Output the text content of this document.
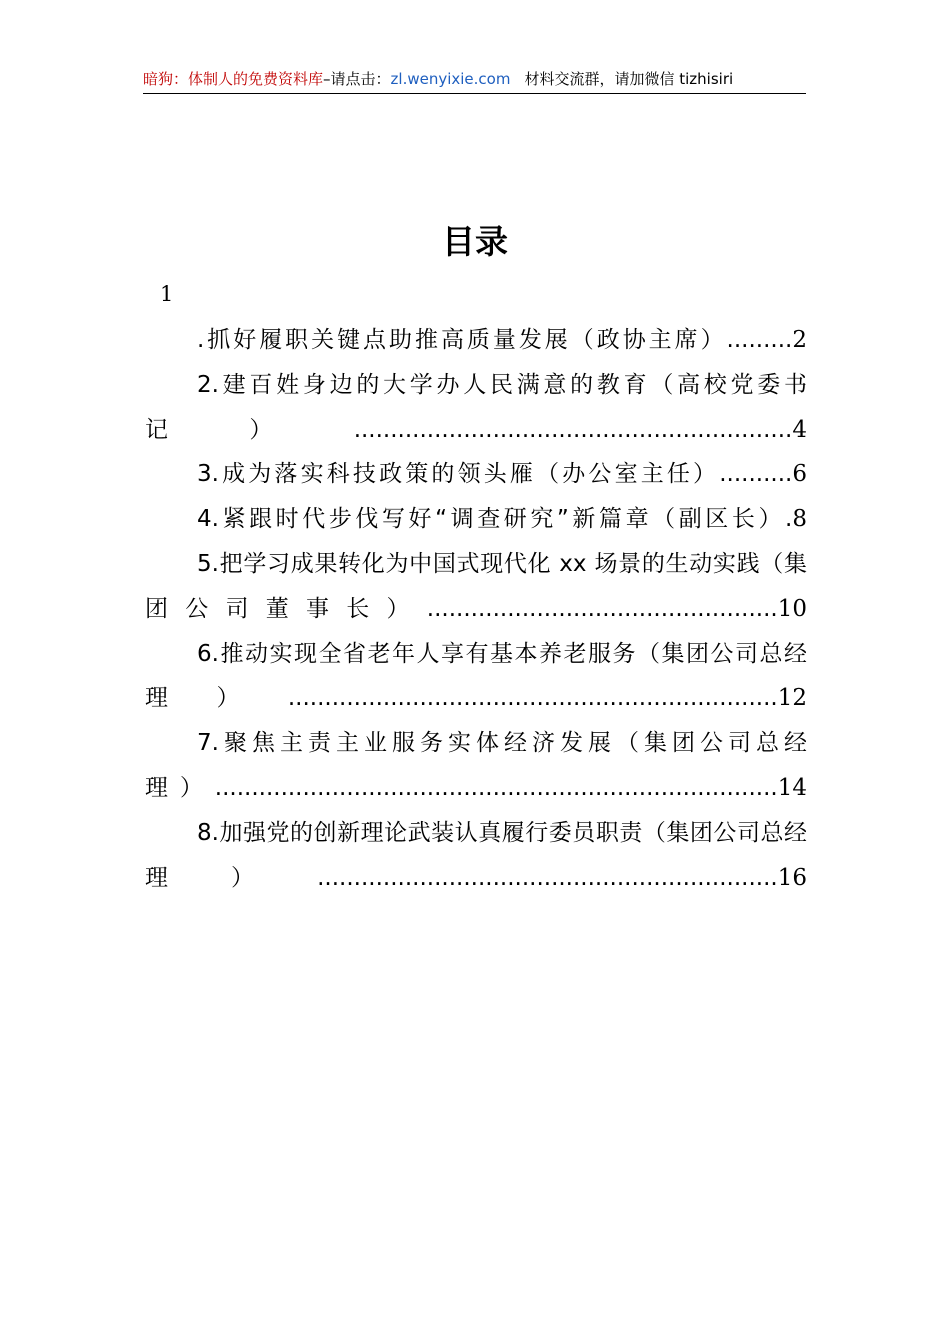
暗狗：体制人的免费资料库–请点击：zl.wenyixie.com 材料交流群，请加微信 tizhisiri
目录
1
.抓好履职关键点助推高质量发展（政协主席）.........2
2.建百姓身边的大学办人民满意的教育（高校党委书记）............................................................4
3.成为落实科技政策的领头雁（办公室主任）..........6
4.紧跟时代步伐写好“调查研究”新篇章（副区长）.8
5.把学习成果转化为中国式现代化 xx 场景的生动实践（集团公司董事长）................................................10
6.推动实现全省老年人享有基本养老服务（集团公司总经理）...................................................................12
7.聚焦主责主业服务实体经济发展（集团公司总经理）.............................................................................14
8.加强党的创新理论武装认真履行委员职责（集团公司总经理）...............................................................16
